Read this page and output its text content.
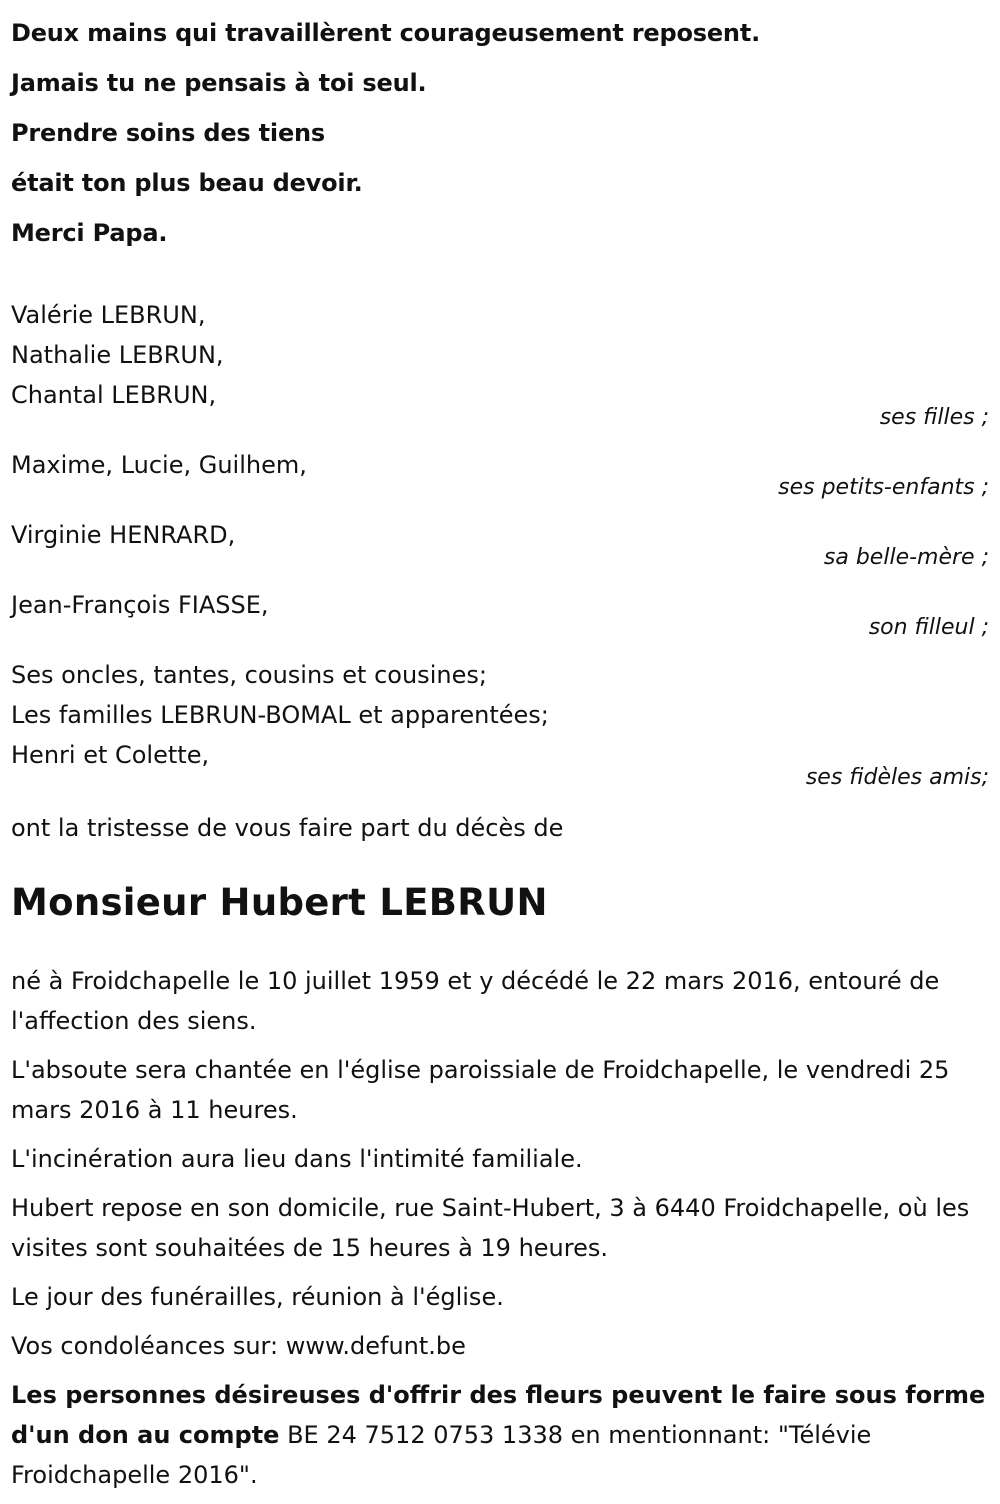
Deux mains qui travaillèrent courageusement reposent.
Jamais tu ne pensais à toi seul.
Prendre soins des tiens
était ton plus beau devoir.
Merci Papa.
Valérie LEBRUN,
Nathalie LEBRUN,
Chantal LEBRUN,
ses filles ;
Maxime, Lucie, Guilhem,
ses petits-enfants ;
Virginie HENRARD,
sa belle-mère ;
Jean-François FIASSE,
son filleul ;
Ses oncles, tantes, cousins et cousines;
Les familles LEBRUN-BOMAL et apparentées;
Henri et Colette,
ses fidèles amis;
ont la tristesse de vous faire part du décès de
Monsieur Hubert LEBRUN
né à Froidchapelle le 10 juillet 1959 et y décédé le 22 mars 2016, entouré de l'affection des siens.
L'absoute sera chantée en l'église paroissiale de Froidchapelle, le vendredi 25 mars 2016 à 11 heures.
L'incinération aura lieu dans l'intimité familiale.
Hubert repose en son domicile, rue Saint-Hubert, 3 à 6440 Froidchapelle, où les visites sont souhaitées de 15 heures à 19 heures.
Le jour des funérailles, réunion à l'église.
Vos condoléances sur: www.defunt.be
Les personnes désireuses d'offrir des fleurs peuvent le faire sous forme d'un don au compte BE 24 7512 0753 1338 en mentionnant: "Télévie Froidchapelle 2016".
